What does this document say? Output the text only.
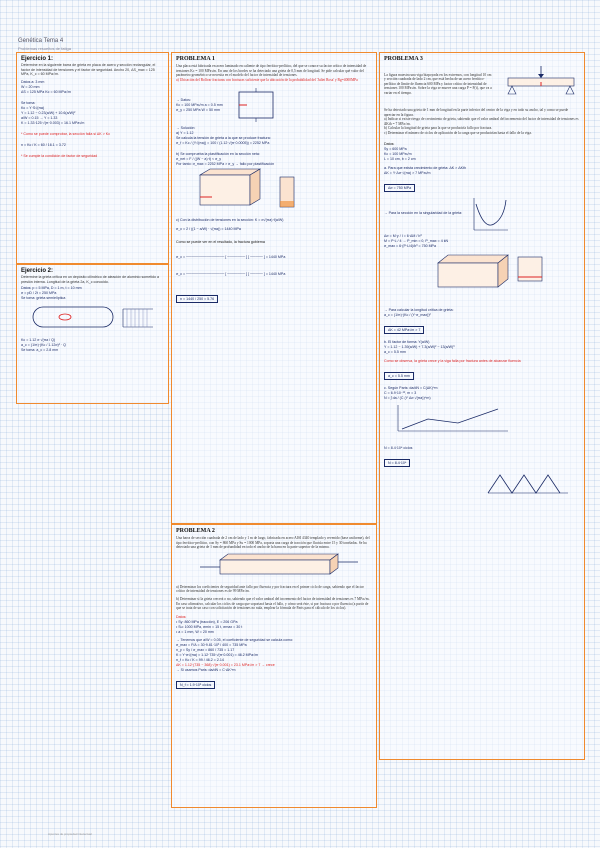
Genética Tema 4
Problemas resueltos de fatiga
Ejercicio 1:
Determine en la siguiente barra de grieta en placa de acero y sección rectangular, el factor de intensidad de tensiones y el factor de seguridad. Ancho 20, ΔS_max = 125 MPa, K_c = 60 MPa√m.
Datos a: 3 mm
W = 20 mm
ΔS = 125 MPa Kc = 60 MPa√m
Se toma:
Kc = Y·S√(πa)
Y = 1.12 − 0.23(a/W) + 10.6(a/W)²
a/W = 0.15 → Y = 1.33
K = 1.33·125·√(π·0.003) = 16.1 MPa√m
* Como se puede comprobar, la sección falla si ΔK > Kc
n = Kc / K = 60 / 16.1 = 3.72
* Se cumple la condición de factor de seguridad
Ejercicio 2:
Determine la grieta crítica en un depósito cilíndrico de aleación de aluminio sometido a presión interna. Longitud de la grieta 2a, K_c conocido.
Datos: p = 5 MPa, D = 1 m, t = 10 mm
σ = pD / 2t = 250 MPa
Se toma: grieta semielíptica
Kc = 1.12 σ √(πa / Q)
a_c = (1/π)·(Kc / 1.12σ)² · Q
Se toma: a_c = 2.8 mm
PROBLEMA 1
Una placa está fabricada en acero laminado en caliente de tipo ferrítico-perlítico, del que se conoce su factor crítico de intensidad de tensiones Kc = 100 MPa√m. En uno de los bordes se ha detectado una grieta de 0,5 mm de longitud. Se pide calcular qué valor del parámetro geométrico se necesita en el modelo del factor de intensidad de tensiones.
a) Ubicación del Bolívar fracturas con fracturas suficiente que la ubicación de la probabilidad del 'Juliet Rosa' y Bg=4000MPa
→ Datos:
Kc = 100 MPa√m a = 0.5 mm
σ_y = 250 MPa W = 50 mm
→ Solución:
a) Y = 1.12
Se calcula la tensión de grieta a la que se produce fractura:
σ_f = Kc / (Y√(πa)) = 100 / (1.12·√(π·0.0005)) = 2252 MPa
b) Se comprueba la plastificación en la sección neta:
σ_net = F / ((W − a)·t) < σ_y
Por tanto: σ_max = 2252 MPa > σ_y → fallo por plastificación
c) Con la distribución de tensiones en la sección: K = σ√(πa)·f(a/W)
σ_c = 2 / ((1 − a/W) · √(πa)) = 1440 MPa
Como se puede ver en el resultado, la fractura gobierna
σ_c = ─────────────── [ ─────── ] [ ───── ] = 1440 MPa
σ_c = ─────────────── [ ─────── ] [ ───── ] = 1440 MPa
n = 1440 / 250 = 5.76
PROBLEMA 2
Una barra de sección cuadrada de 2 cm de lado y 1 m de largo, fabricada en acero AISI 4340 templado y revenido (base uniforme), del tipo ferrítico-perlítico, con Sy = 860 MPa y Su = 1000 MPa, soporta una carga de tracción que fluctúa entre 15 y 30 toneladas. Se ha detectado una grieta de 1 mm de profundidad en todo el ancho de la barra en la parte superior de la misma.
a) Determinar los coeficientes de seguridad ante fallo por fluencia y por fractura en el primer ciclo de carga, sabiendo que el factor crítico de intensidad de tensiones es de 99 MPa√m.
b) Determinar si la grieta crecerá o no, sabiendo que el valor umbral del incremento del factor de intensidad de tensiones es 7 MPa√m. En caso afirmativo, calcular los ciclos de carga que soportará hasta el fallo, y cómo será éste, si por fractura o por fluencia (a partir de que se trata de un caso con solicitación de tensiones no nula, emplear la fórmula de Paris para el cálculo de los ciclos).
Datos:
• Sy: 860 MPa (tracción), E = 206 GPa
• Su: 1000 MPa, σmin = 15 t, σmax = 30 t
• a = 1 mm, W = 20 mm
→ Tenemos que a/W = 0.05, el coeficiente de seguridad se calcula como:
σ_max = F/A = 30·9.81·10³ / 400 = 735 MPa
n_y = Sy / σ_max = 860 / 735 = 1.17
K = Y·σ√(πa) = 1.12·735·√(π·0.001) = 46.2 MPa√m
n_f = Kc / K = 99 / 46.2 = 2.14
ΔK = 1.12·(735 − 368)·√(π·0.001) = 23.1 MPa√m > 7 → crece
→ Si usamos Paris: da/dN = C·ΔK^m
N_f = 1.9·10⁵ ciclos
PROBLEMA 3
La figura muestra una viga biapoyada en los extremos, con longitud 10 cm y sección cuadrada de lado 2 cm, que está hecha de un acero ferrítico-perlítico de límite de fluencia 600 MPa y factor crítico de intensidad de tensiones 100 MPa√m. Sobre la viga se mueve una carga P = F(t), que va a variar en el tiempo.
Se ha detectado una grieta de 1 mm de longitud en la parte inferior del centro de la viga y en todo su ancho, tal y como se puede apreciar en la figura.
a) Indicar si existe riesgo de crecimiento de grieta, sabiendo que el valor umbral del incremento del factor de intensidad de tensiones es ΔKth = 7 MPa√m.
b) Calcular la longitud de grieta para la que se produciría fallo por fractura.
c) Determinar el número de ciclos de aplicación de la carga que se producirían hasta el fallo de la viga.
Datos:
Sy = 600 MPa
Kc = 100 MPa√m
L = 10 cm, b = 2 cm
a. Para que exista crecimiento de grieta: ΔK > ΔKth
ΔK = Y·Δσ·√(πa) > 7 MPa√m
Δσ = 750 MPa
→ Para la sección en la singularidad de la grieta:
Δσ = M·y / I = 6·ΔM / b³
M = P·L / 4 → P_min = 0, P_max = 4 kN
σ_max = 6·(P·L/4)/b³ = 750 MPa
→ Para calcular la longitud crítica de grieta:
a_c = (1/π)·(Kc / (Y·σ_max))²
ΔK = 42 MPa√m > 7
b. El factor de forma: Y(a/W)
Y = 1.12 − 1.39(a/W) + 7.3(a/W)² − 13(a/W)³
a_c = 5.5 mm
Como se observa, la grieta crece y la viga falla por fractura antes de alcanzar fluencia
a_c = 5.5 mm
c. Según Paris: da/dN = C(ΔK)^m
C = 6.9·10⁻¹², m = 3
N = ∫ da / (C (Y Δσ √(πa))^m)
N = 8.4·10⁴ ciclos
N = 8.4·10⁴
Apuntes de propiedad intelectual
